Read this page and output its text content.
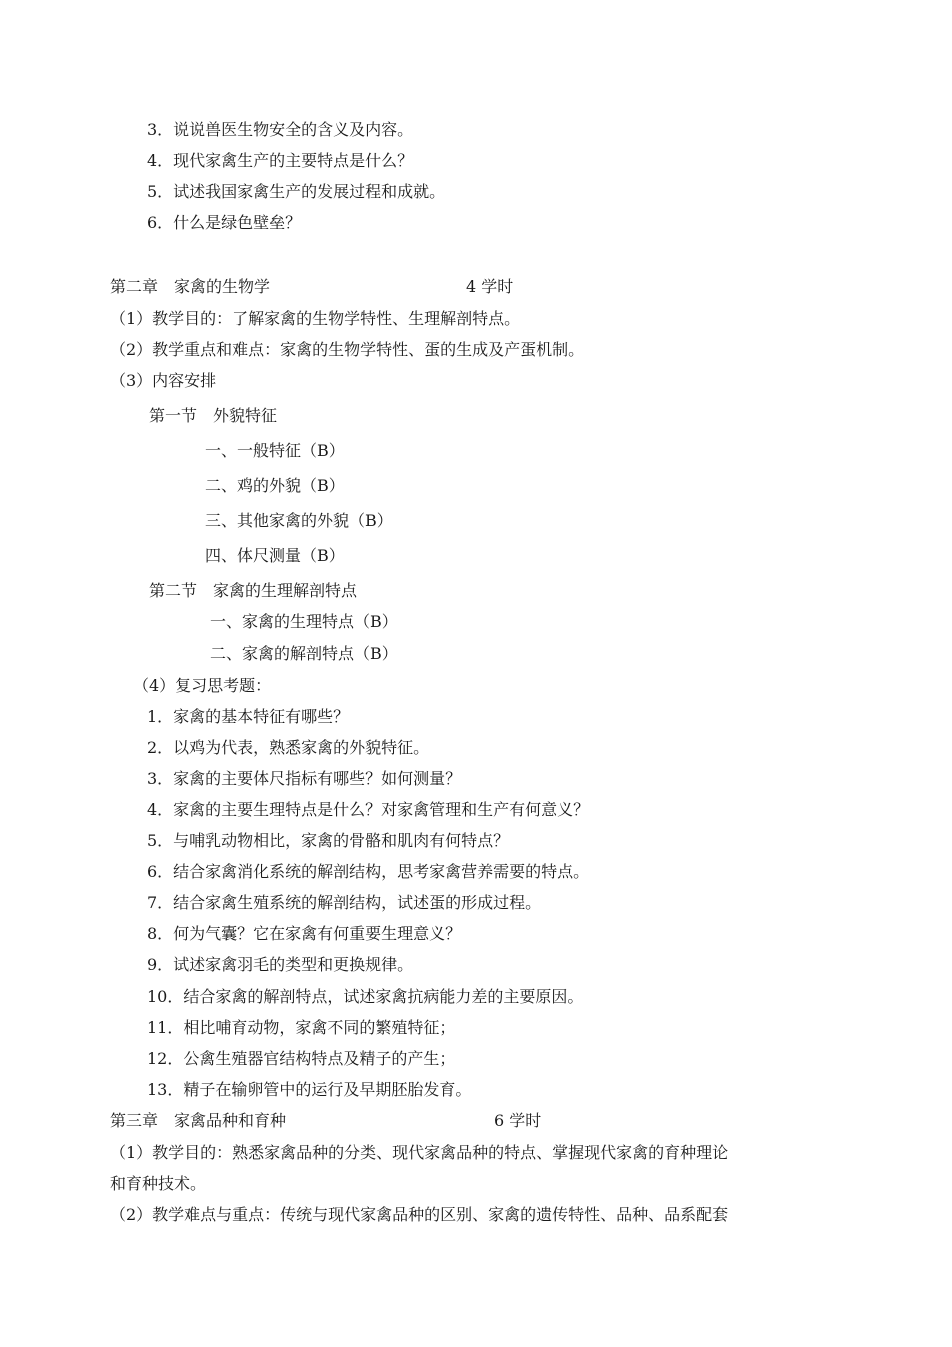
3．说说兽医生物安全的含义及内容。
4．现代家禽生产的主要特点是什么？
5．试述我国家禽生产的发展过程和成就。
6．什么是绿色壁垒？
第二章　家禽的生物学	4 学时
（1）教学目的：了解家禽的生物学特性、生理解剖特点。
（2）教学重点和难点：家禽的生物学特性、蛋的生成及产蛋机制。
（3）内容安排
第一节　外貌特征
一、一般特征（B）
二、鸡的外貌（B）
三、其他家禽的外貌（B）
四、体尺测量（B）
第二节　家禽的生理解剖特点
一、家禽的生理特点（B）
二、家禽的解剖特点（B）
（4）复习思考题：
1．家禽的基本特征有哪些？
2．以鸡为代表，熟悉家禽的外貌特征。
3．家禽的主要体尺指标有哪些？如何测量？
4．家禽的主要生理特点是什么？对家禽管理和生产有何意义？
5．与哺乳动物相比，家禽的骨骼和肌肉有何特点？
6．结合家禽消化系统的解剖结构，思考家禽营养需要的特点。
7．结合家禽生殖系统的解剖结构，试述蛋的形成过程。
8．何为气囊？它在家禽有何重要生理意义？
9．试述家禽羽毛的类型和更换规律。
10．结合家禽的解剖特点，试述家禽抗病能力差的主要原因。
11．相比哺育动物，家禽不同的繁殖特征；
12．公禽生殖器官结构特点及精子的产生；
13．精子在输卵管中的运行及早期胚胎发育。
第三章　家禽品种和育种	6 学时
（1）教学目的：熟悉家禽品种的分类、现代家禽品种的特点、掌握现代家禽的育种理论
和育种技术。
（2）教学难点与重点：传统与现代家禽品种的区别、家禽的遗传特性、品种、品系配套
